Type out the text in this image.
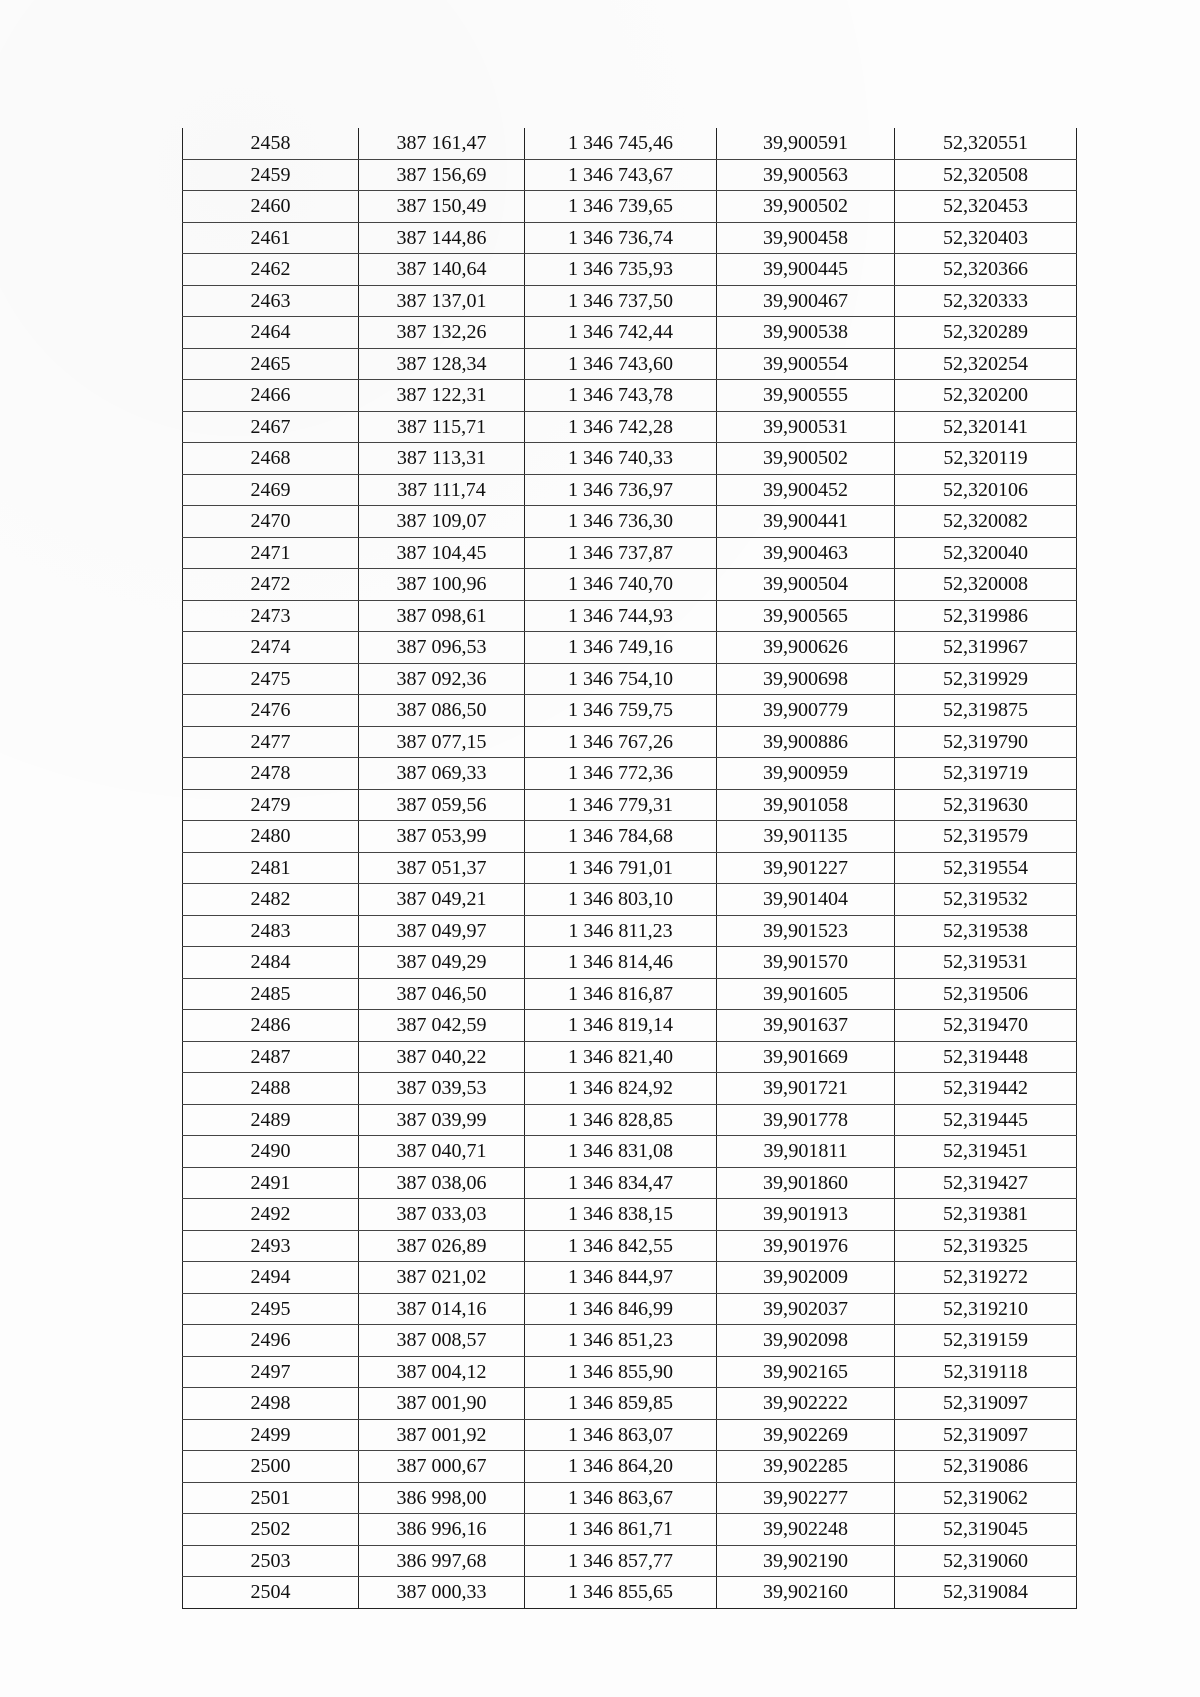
2458	387 161,47	1 346 745,46	39,900591	52,320551
2459	387 156,69	1 346 743,67	39,900563	52,320508
2460	387 150,49	1 346 739,65	39,900502	52,320453
2461	387 144,86	1 346 736,74	39,900458	52,320403
2462	387 140,64	1 346 735,93	39,900445	52,320366
2463	387 137,01	1 346 737,50	39,900467	52,320333
2464	387 132,26	1 346 742,44	39,900538	52,320289
2465	387 128,34	1 346 743,60	39,900554	52,320254
2466	387 122,31	1 346 743,78	39,900555	52,320200
2467	387 115,71	1 346 742,28	39,900531	52,320141
2468	387 113,31	1 346 740,33	39,900502	52,320119
2469	387 111,74	1 346 736,97	39,900452	52,320106
2470	387 109,07	1 346 736,30	39,900441	52,320082
2471	387 104,45	1 346 737,87	39,900463	52,320040
2472	387 100,96	1 346 740,70	39,900504	52,320008
2473	387 098,61	1 346 744,93	39,900565	52,319986
2474	387 096,53	1 346 749,16	39,900626	52,319967
2475	387 092,36	1 346 754,10	39,900698	52,319929
2476	387 086,50	1 346 759,75	39,900779	52,319875
2477	387 077,15	1 346 767,26	39,900886	52,319790
2478	387 069,33	1 346 772,36	39,900959	52,319719
2479	387 059,56	1 346 779,31	39,901058	52,319630
2480	387 053,99	1 346 784,68	39,901135	52,319579
2481	387 051,37	1 346 791,01	39,901227	52,319554
2482	387 049,21	1 346 803,10	39,901404	52,319532
2483	387 049,97	1 346 811,23	39,901523	52,319538
2484	387 049,29	1 346 814,46	39,901570	52,319531
2485	387 046,50	1 346 816,87	39,901605	52,319506
2486	387 042,59	1 346 819,14	39,901637	52,319470
2487	387 040,22	1 346 821,40	39,901669	52,319448
2488	387 039,53	1 346 824,92	39,901721	52,319442
2489	387 039,99	1 346 828,85	39,901778	52,319445
2490	387 040,71	1 346 831,08	39,901811	52,319451
2491	387 038,06	1 346 834,47	39,901860	52,319427
2492	387 033,03	1 346 838,15	39,901913	52,319381
2493	387 026,89	1 346 842,55	39,901976	52,319325
2494	387 021,02	1 346 844,97	39,902009	52,319272
2495	387 014,16	1 346 846,99	39,902037	52,319210
2496	387 008,57	1 346 851,23	39,902098	52,319159
2497	387 004,12	1 346 855,90	39,902165	52,319118
2498	387 001,90	1 346 859,85	39,902222	52,319097
2499	387 001,92	1 346 863,07	39,902269	52,319097
2500	387 000,67	1 346 864,20	39,902285	52,319086
2501	386 998,00	1 346 863,67	39,902277	52,319062
2502	386 996,16	1 346 861,71	39,902248	52,319045
2503	386 997,68	1 346 857,77	39,902190	52,319060
2504	387 000,33	1 346 855,65	39,902160	52,319084
